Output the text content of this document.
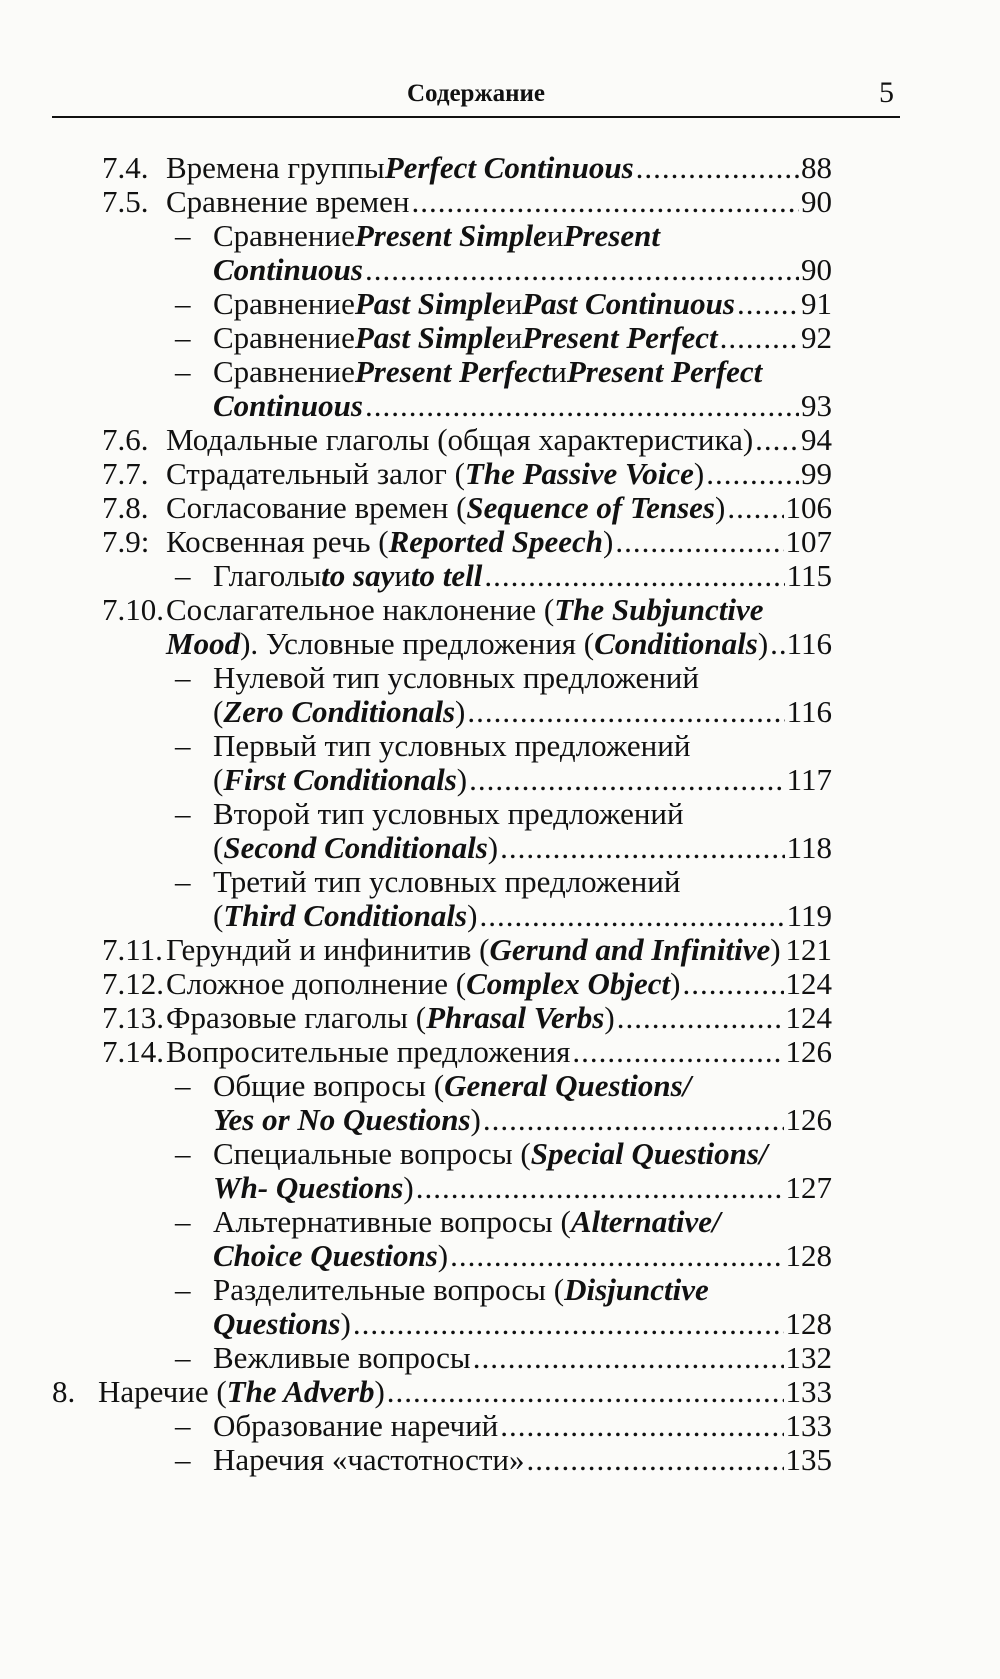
Содержание	5
7.4. Времена группы Perfect Continuous .....	88
7.5. Сравнение времен .....	90
– Сравнение Present Simple и Present
Continuous .....	90
– Сравнение Past Simple и Past Continuous ..... 91
– Сравнение Past Simple и Present Perfect .....	92
– Сравнение Present Perfect и Present Perfect
Continuous .....	93
7.6. Модальные глаголы (общая характеристика) ..... 94
7.7. Страдательный залог ( The Passive Voice ) .....	99
7.8. Согласование времен ( Sequence of Tenses ) ..... 106
7.9: Косвенная речь ( Reported Speech ) .....	107
– Глаголы to say и to tell .....	115
7.10. Сослагательное наклонение ( The Subjunctive
Mood ). Условные предложения ( Conditionals ) ..... 116
– Нулевой тип условных предложений
( Zero Conditionals ) .....	116
– Первый тип условных предложений
( First Conditionals ) .....	117
– Второй тип условных предложений
( Second Conditionals ) .....	118
– Третий тип условных предложений
( Third Conditionals ) .....	119
7.11. Герундий и инфинитив ( Gerund and Infinitive ) ..... 121
7.12. Сложное дополнение ( Complex Object ) .....	124
7.13. Фразовые глаголы ( Phrasal Verbs ) .....	124
7.14. Вопросительные предложения .....	126
– Общие вопросы ( General Questions/
Yes or No Questions ) .....	126
– Специальные вопросы ( Special Questions/
Wh- Questions ) .....	127
– Альтернативные вопросы ( Alternative/
Choice Questions ) .....	128
– Разделительные вопросы ( Disjunctive
Questions ) .....	128
– Вежливые вопросы .....	132
8. Наречие ( The Adverb ) .....	133
– Образование наречий .....	133
– Наречия «частотности» .....	135
